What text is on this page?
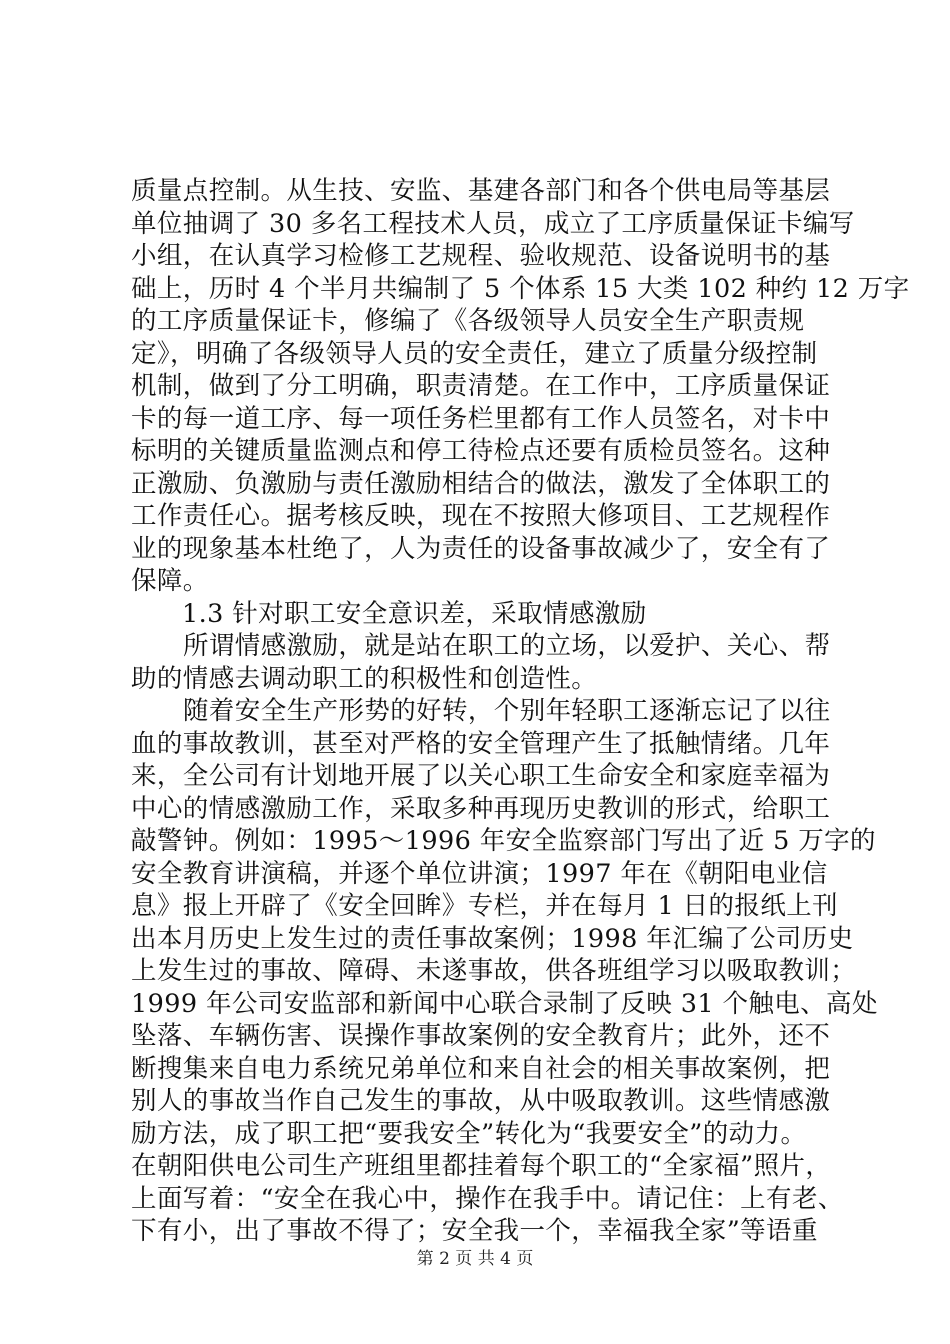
质量点控制。从生技、安监、基建各部门和各个供电局等基层
单位抽调了 30 多名工程技术人员，成立了工序质量保证卡编写
小组，在认真学习检修工艺规程、验收规范、设备说明书的基
础上，历时 4 个半月共编制了 5 个体系 15 大类 102 种约 12 万字
的工序质量保证卡，修编了《各级领导人员安全生产职责规
定》，明确了各级领导人员的安全责任，建立了质量分级控制
机制，做到了分工明确，职责清楚。在工作中，工序质量保证
卡的每一道工序、每一项任务栏里都有工作人员签名，对卡中
标明的关键质量监测点和停工待检点还要有质检员签名。这种
正激励、负激励与责任激励相结合的做法，激发了全体职工的
工作责任心。据考核反映，现在不按照大修项目、工艺规程作
业的现象基本杜绝了，人为责任的设备事故减少了，安全有了
保障。
1.3 针对职工安全意识差，采取情感激励
所谓情感激励，就是站在职工的立场，以爱护、关心、帮
助的情感去调动职工的积极性和创造性。
随着安全生产形势的好转，个别年轻职工逐渐忘记了以往
血的事故教训，甚至对严格的安全管理产生了抵触情绪。几年
来，全公司有计划地开展了以关心职工生命安全和家庭幸福为
中心的情感激励工作，采取多种再现历史教训的形式，给职工
敲警钟。例如：1995～1996 年安全监察部门写出了近 5 万字的
安全教育讲演稿，并逐个单位讲演；1997 年在《朝阳电业信
息》报上开辟了《安全回眸》专栏，并在每月 1 日的报纸上刊
出本月历史上发生过的责任事故案例；1998 年汇编了公司历史
上发生过的事故、障碍、未遂事故，供各班组学习以吸取教训；
1999 年公司安监部和新闻中心联合录制了反映 31 个触电、高处
坠落、车辆伤害、误操作事故案例的安全教育片；此外，还不
断搜集来自电力系统兄弟单位和来自社会的相关事故案例，把
别人的事故当作自己发生的事故，从中吸取教训。这些情感激
励方法，成了职工把“要我安全”转化为“我要安全”的动力。
在朝阳供电公司生产班组里都挂着每个职工的“全家福”照片，
上面写着：“安全在我心中，操作在我手中。请记住：上有老、
下有小，出了事故不得了；安全我一个，幸福我全家”等语重
第 2 页 共 4 页
